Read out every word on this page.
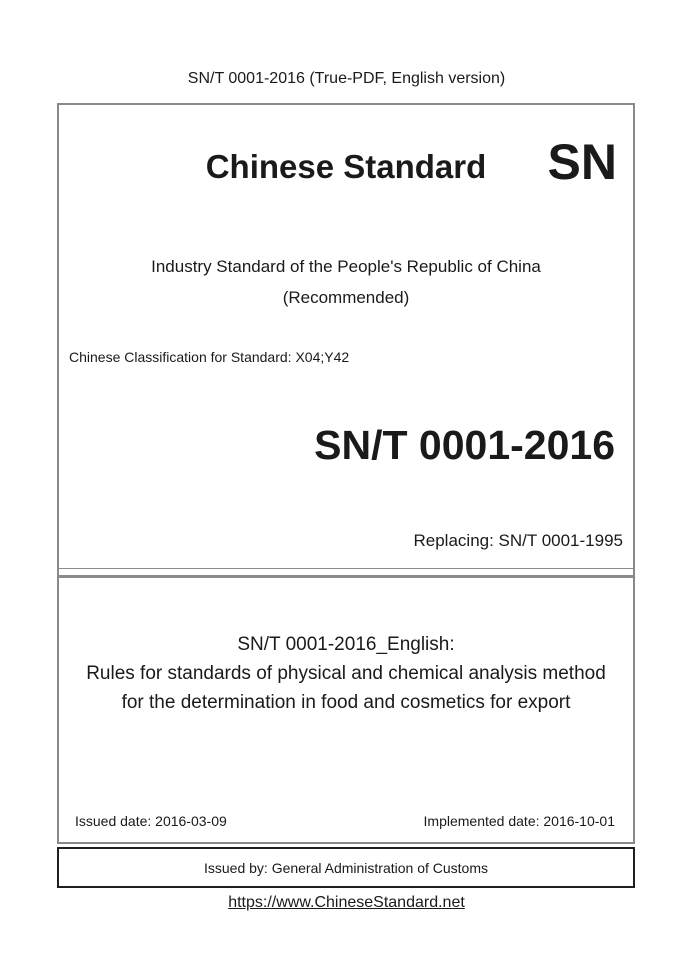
SN/T 0001-2016 (True-PDF, English version)
Chinese Standard	SN
Industry Standard of the People's Republic of China
(Recommended)
Chinese Classification for Standard: X04;Y42
SN/T 0001-2016
Replacing: SN/T 0001-1995
SN/T 0001-2016_English:
Rules for standards of physical and chemical analysis method for the determination in food and cosmetics for export
Issued date: 2016-03-09	Implemented date: 2016-10-01
Issued by: General Administration of Customs
https://www.ChineseStandard.net
